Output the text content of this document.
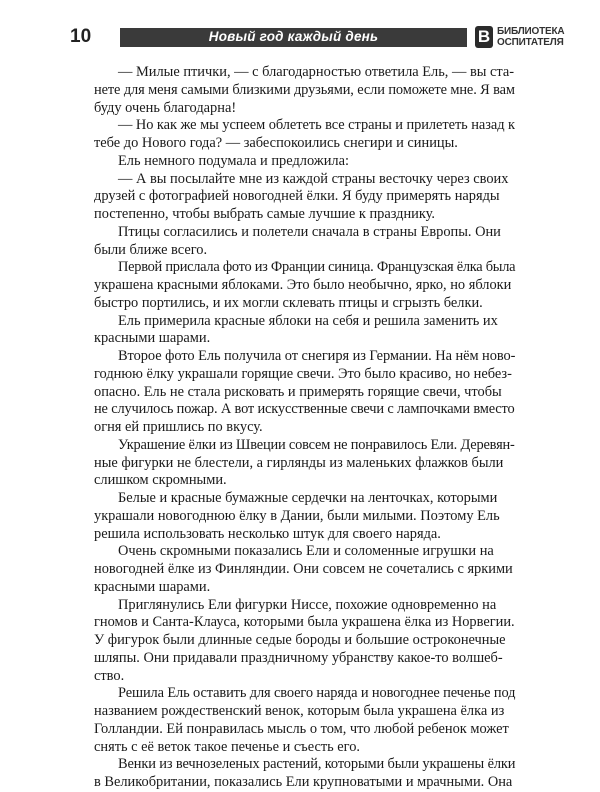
10	Новый год каждый день	В БИБЛИОТЕКА
ОСПИТАТЕЛЯ
— Милые птички, — с благодарностью ответила Ель, — вы ста-
нете для меня самыми близкими друзьями, если поможете мне. Я вам
буду очень благодарна!
— Но как же мы успеем облететь все страны и прилететь назад к
тебе до Нового года? — забеспокоились снегири и синицы.
Ель немного подумала и предложила:
— А вы посылайте мне из каждой страны весточку через своих
друзей с фотографией новогодней ёлки. Я буду примерять наряды
постепенно, чтобы выбрать самые лучшие к празднику.
Птицы согласились и полетели сначала в страны Европы. Они
были ближе всего.
Первой прислала фото из Франции синица. Французская ёлка была
украшена красными яблоками. Это было необычно, ярко, но яблоки
быстро портились, и их могли склевать птицы и сгрызть белки.
Ель примерила красные яблоки на себя и решила заменить их
красными шарами.
Второе фото Ель получила от снегиря из Германии. На нём ново-
годнюю ёлку украшали горящие свечи. Это было красиво, но небез-
опасно. Ель не стала рисковать и примерять горящие свечи, чтобы
не случилось пожар. А вот искусственные свечи с лампочками вместо
огня ей пришлись по вкусу.
Украшение ёлки из Швеции совсем не понравилось Ели. Деревян-
ные фигурки не блестели, а гирлянды из маленьких флажков были
слишком скромными.
Белые и красные бумажные сердечки на ленточках, которыми
украшали новогоднюю ёлку в Дании, были милыми. Поэтому Ель
решила использовать несколько штук для своего наряда.
Очень скромными показались Ели и соломенные игрушки на
новогодней ёлке из Финляндии. Они совсем не сочетались с яркими
красными шарами.
Приглянулись Ели фигурки Ниссе, похожие одновременно на
гномов и Санта-Клауса, которыми была украшена ёлка из Норвегии.
У фигурок были длинные седые бороды и большие остроконечные
шляпы. Они придавали праздничному убранству какое-то волшеб-
ство.
Решила Ель оставить для своего наряда и новогоднее печенье под
названием рождественский венок, которым была украшена ёлка из
Голландии. Ей понравилась мысль о том, что любой ребенок может
снять с её веток такое печенье и съесть его.
Венки из вечнозеленых растений, которыми были украшены ёлки
в Великобритании, показались Ели крупноватыми и мрачными. Она
